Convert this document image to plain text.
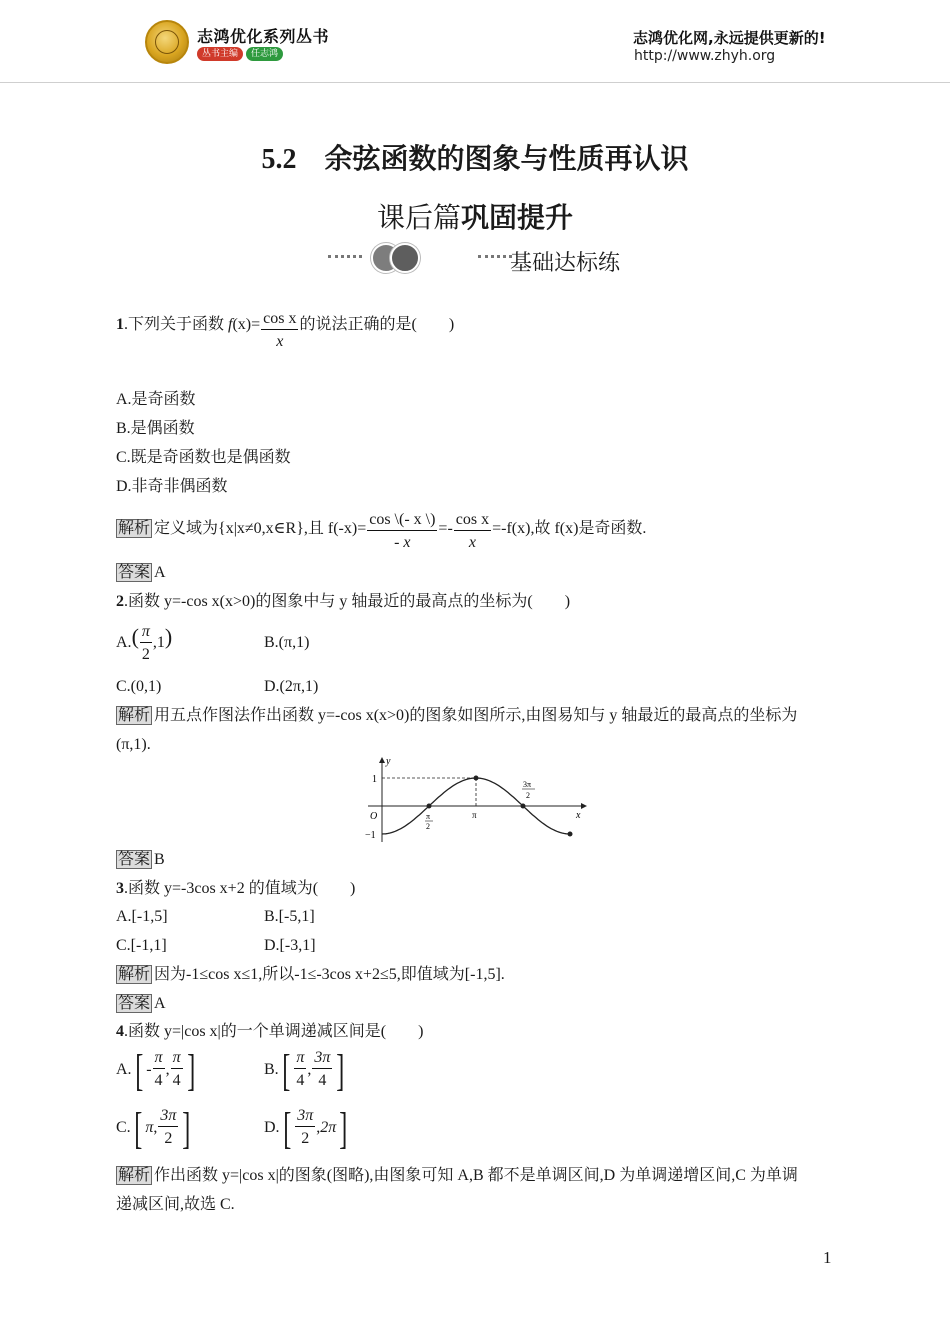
志鸿优化系列丛书
丛书主编	任志鸿
志鸿优化网,永远提供更新的!
http://www.zhyh.org
5.2　余弦函数的图象与性质再认识
课后篇巩固提升
基础达标练
1.下列关于函数 $f(x)= \frac{\text{cos x}}{x}$ 的说法正确的是(　　)
A.是奇函数
B.是偶函数
C.既是奇函数也是偶函数
D.非奇非偶函数
解析 定义域为{x|x≠0,x∈R},且 $f(-x)= \frac{\cos \backslash(- x \backslash)}{- x} =- \frac{\text{cos x}}{x} =-f(x)$,故 f(x)是奇函数.
答案 A
2.函数 y=-cos x(x>0)的图象中与 y 轴最近的最高点的坐标为(　　)
$A.( \frac{\pi}{2} ,1)$	B.(π,1)
C.(0,1)	D.(2π,1)
解析 用五点作图法作出函数 y=-cos x(x>0)的图象如图所示,由图易知与 y 轴最近的最高点的坐标为
(π,1).
y
x
O
1
−1
π
2
π
3π
2
答案 B
3.函数 y=-3cos x+2 的值域为(　　)
A.[-1,5]	B.[-5,1]
C.[-1,1]	D.[-3,1]
解析 因为-1≤cos x≤1,所以-1≤-3cos x+2≤5,即值域为[-1,5].
答案 A
4.函数 y=|cos x|的一个单调递减区间是(　　)
$A.[ - \frac{\pi}{4}$ , $\frac{\pi}{4}$ ]	$B.[ \frac{\pi}{4}$ , $\frac{3\pi}{4}$ ]
C.[ π, $\frac{3\pi}{2}$ ]	$D.[ \frac{3\pi}{2} ,2\pi]$
解析 作出函数 y=|cos x|的图象(图略),由图象可知 A,B 都不是单调区间,D 为单调递增区间,C 为单调
递减区间,故选 C.
1
